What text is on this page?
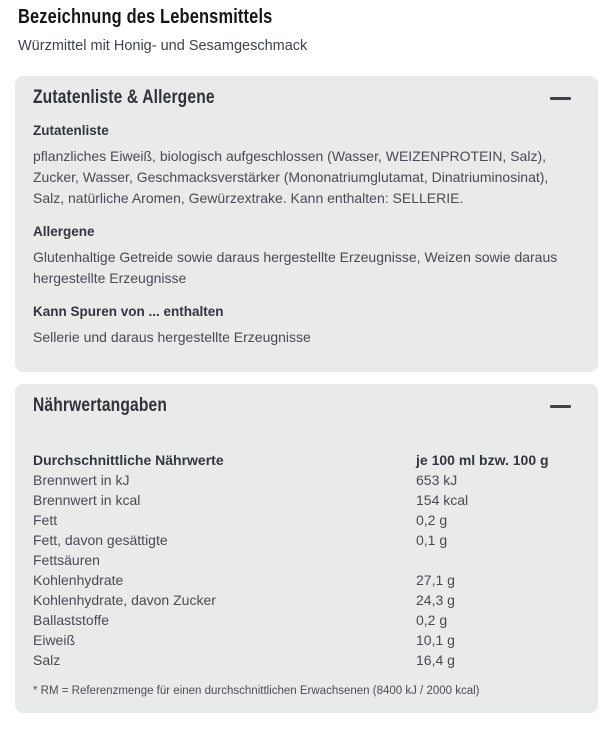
Bezeichnung des Lebensmittels
Würzmittel mit Honig- und Sesamgeschmack
Zutatenliste & Allergene
Zutatenliste
pflanzliches Eiweiß, biologisch aufgeschlossen (Wasser, WEIZENPROTEIN, Salz), Zucker, Wasser, Geschmacksverstärker (Mononatriumglutamat, Dinatriuminosinat), Salz, natürliche Aromen, Gewürzextrake. Kann enthalten: SELLERIE.
Allergene
Glutenhaltige Getreide sowie daraus hergestellte Erzeugnisse, Weizen sowie daraus hergestellte Erzeugnisse
Kann Spuren von ... enthalten
Sellerie und daraus hergestellte Erzeugnisse
Nährwertangaben
Durchschnittliche Nährwerte	je 100 ml bzw. 100 g
Brennwert in kJ	653 kJ
Brennwert in kcal	154 kcal
Fett	0,2 g
Fett, davon gesättigte	0,1 g
Fettsäuren
Kohlenhydrate	27,1 g
Kohlenhydrate, davon Zucker	24,3 g
Ballaststoffe	0,2 g
Eiweiß	10,1 g
Salz	16,4 g
* RM = Referenzmenge für einen durchschnittlichen Erwachsenen (8400 kJ / 2000 kcal)
